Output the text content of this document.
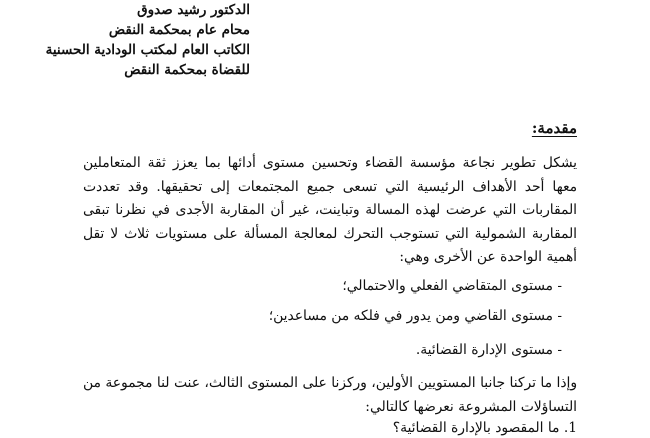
الدكتور رشيد صدوق
محام عام بمحكمة النقض
الكاتب العام لمكتب الودادية الحسنية
للقضاة بمحكمة النقض
مقدمة:
يشكل تطوير نجاعة مؤسسة القضاء وتحسين مستوى أدائها بما يعزز ثقة المتعاملين معها أحد الأهداف الرئيسية التي تسعى جميع المجتمعات إلى تحقيقها. وقد تعددت المقاربات التي عرضت لهذه المسالة وتباينت، غير أن المقاربة الأجدى في نظرنا تبقى المقاربة الشمولية التي تستوجب التحرك لمعالجة المسألة على مستويات ثلاث لا تقل أهمية الواحدة عن الأخرى وهي:
- مستوى المتقاضي الفعلي والاحتمالي؛
- مستوى القاضي ومن يدور في فلكه من مساعدين؛
- مستوى الإدارة القضائية.
وإذا ما تركنا جانبا المستويين الأولين، وركزنا على المستوى الثالث، عنت لنا مجموعة من التساؤلات المشروعة نعرضها كالتالي:
1. ما المقصود بالإدارة القضائية؟
